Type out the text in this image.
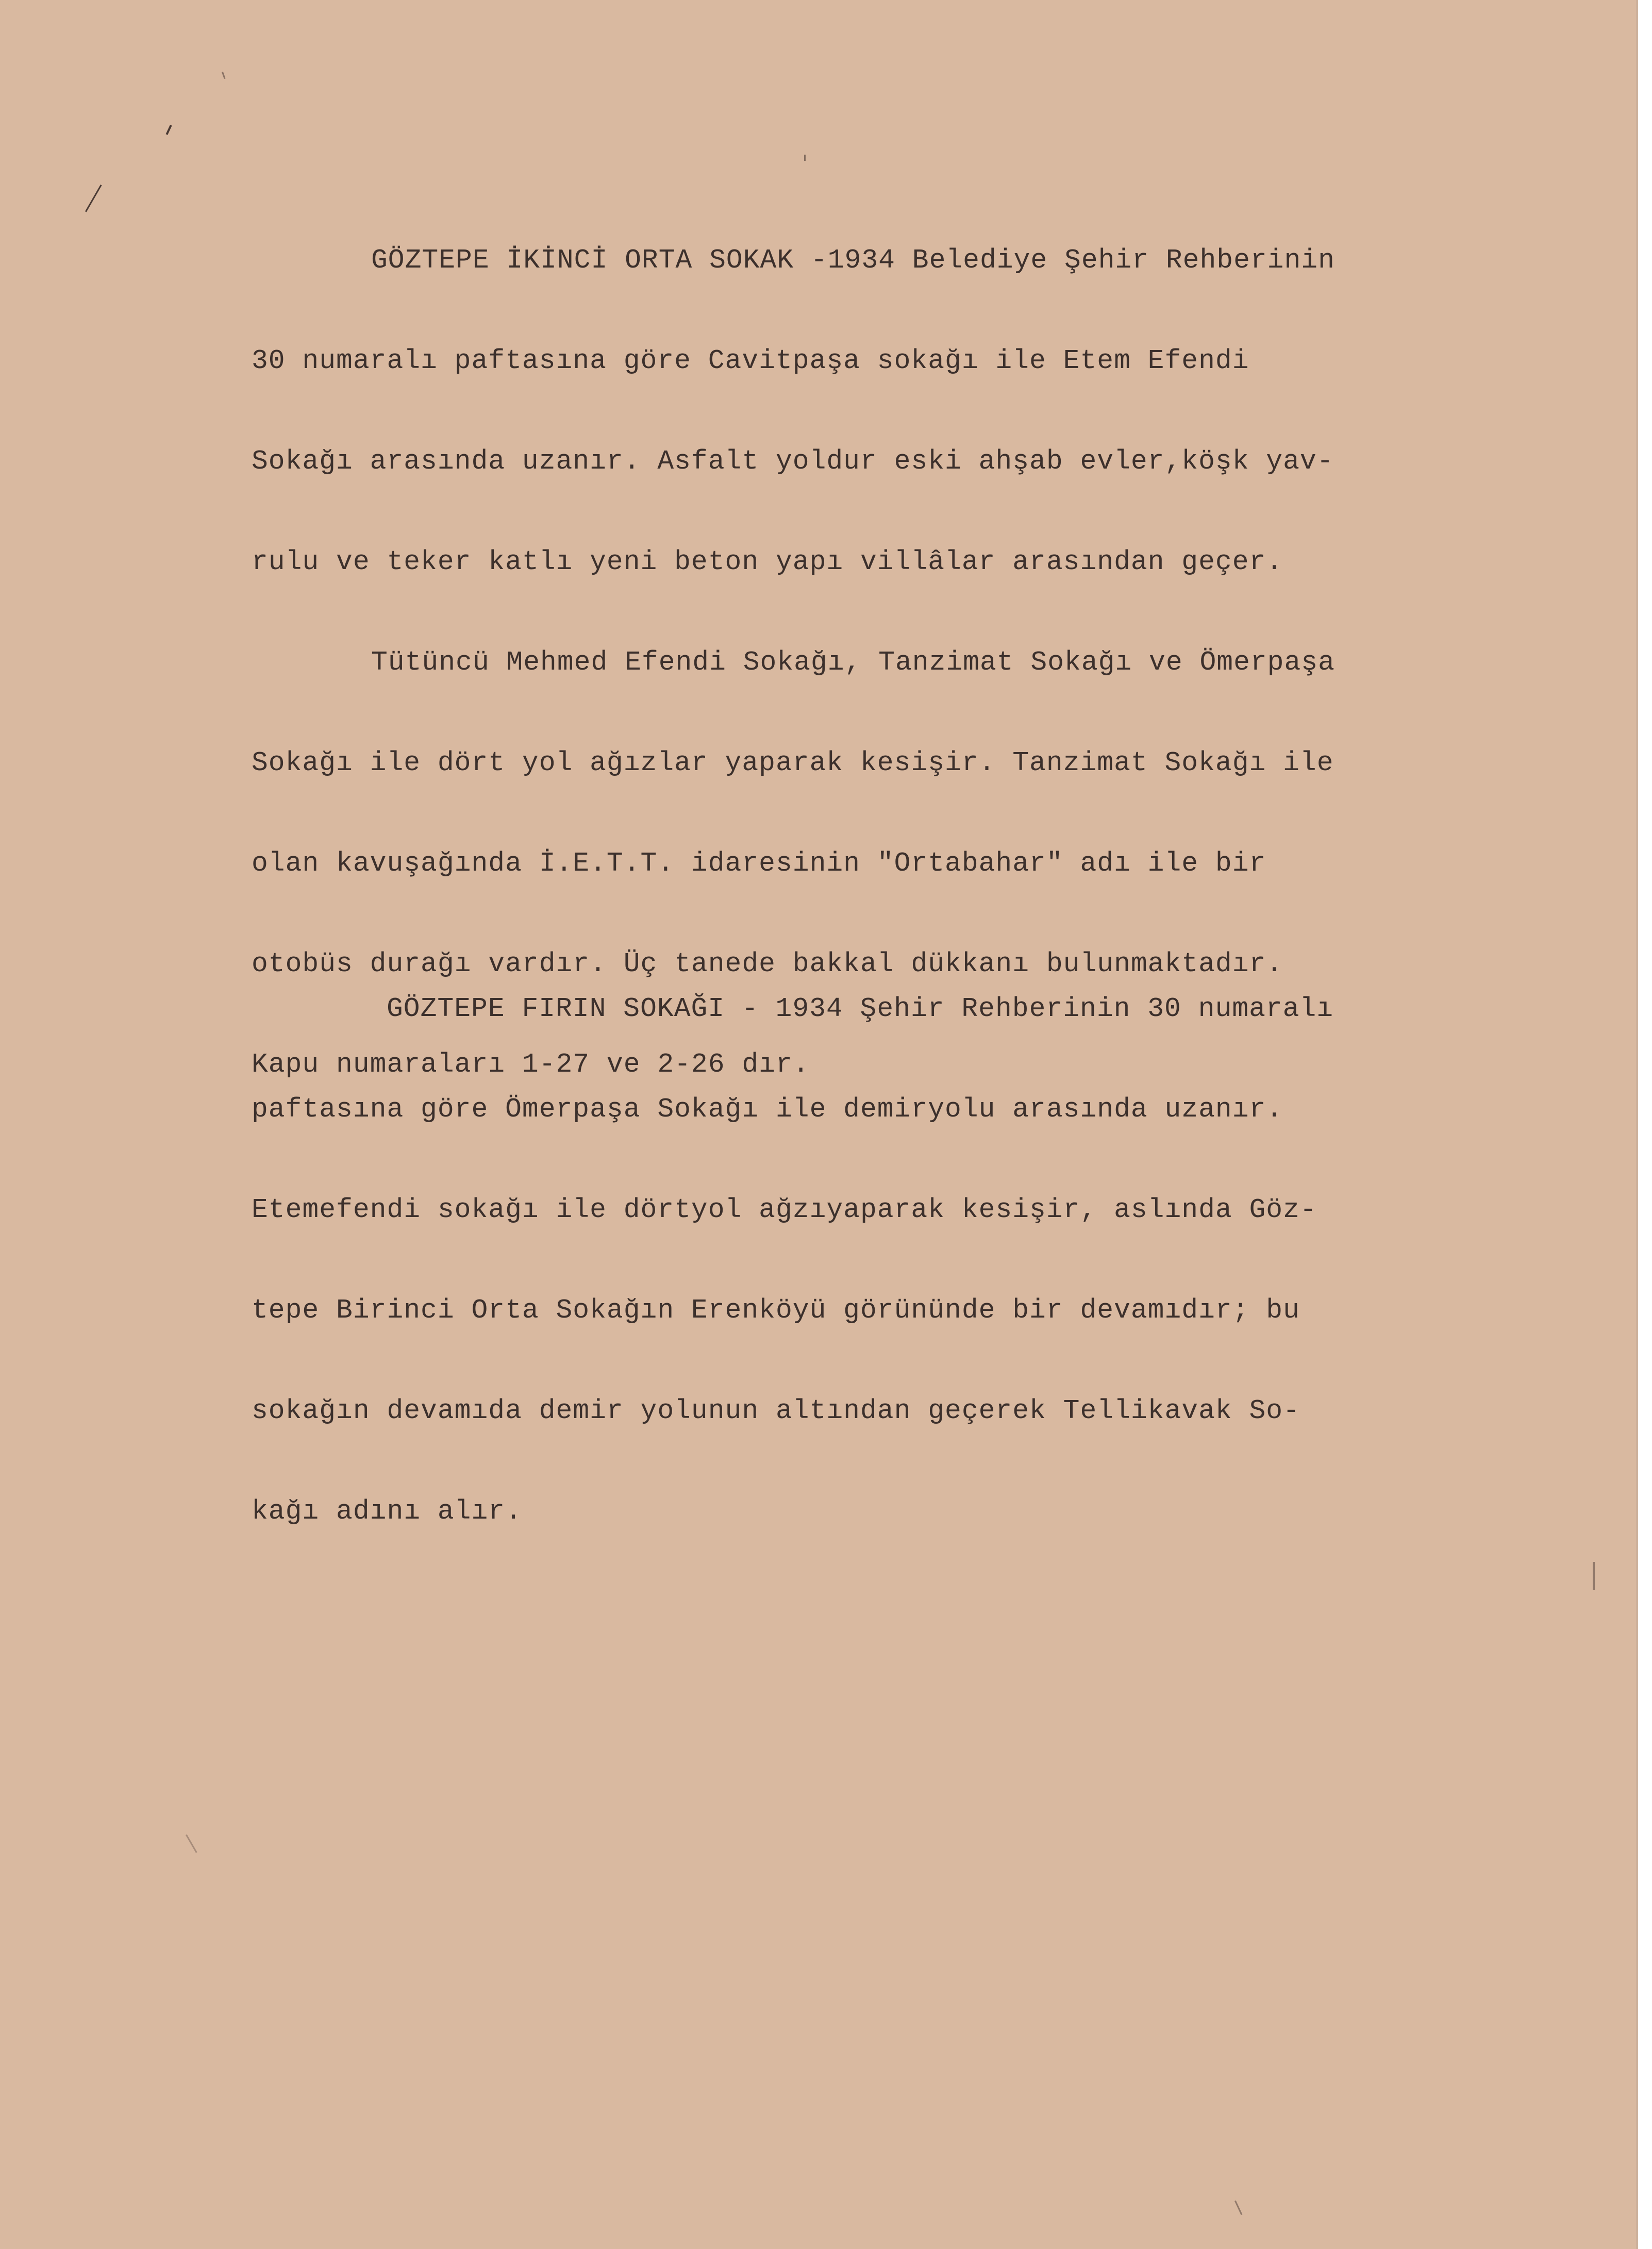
GÖZTEPE İKİNCİ ORTA SOKAK -1934 Belediye Şehir Rehberinin

30 numaralı paftasına göre Cavitpaşa sokağı ile Etem Efendi

Sokağı arasında uzanır. Asfalt yoldur eski ahşab evler,köşk yav-

rulu ve teker katlı yeni beton yapı villâlar arasından geçer.

Tütüncü Mehmed Efendi Sokağı, Tanzimat Sokağı ve Ömerpaşa

Sokağı ile dört yol ağızlar yaparak kesişir. Tanzimat Sokağı ile

olan kavuşağında İ.E.T.T. idaresinin "Ortabahar" adı ile bir

otobüs durağı vardır. Üç tanede bakkal dükkanı bulunmaktadır.

Kapu numaraları 1-27 ve 2-26 dır.

GÖZTEPE FIRIN SOKAĞI - 1934 Şehir Rehberinin 30 numaralı

paftasına göre Ömerpaşa Sokağı ile demiryolu arasında uzanır.

Etemefendi sokağı ile dörtyol ağzıyaparak kesişir, aslında Göz-

tepe Birinci Orta Sokağın Erenköyü görününde bir devamıdır; bu

sokağın devamıda demir yolunun altından geçerek Tellikavak So-

kağı adını alır.
